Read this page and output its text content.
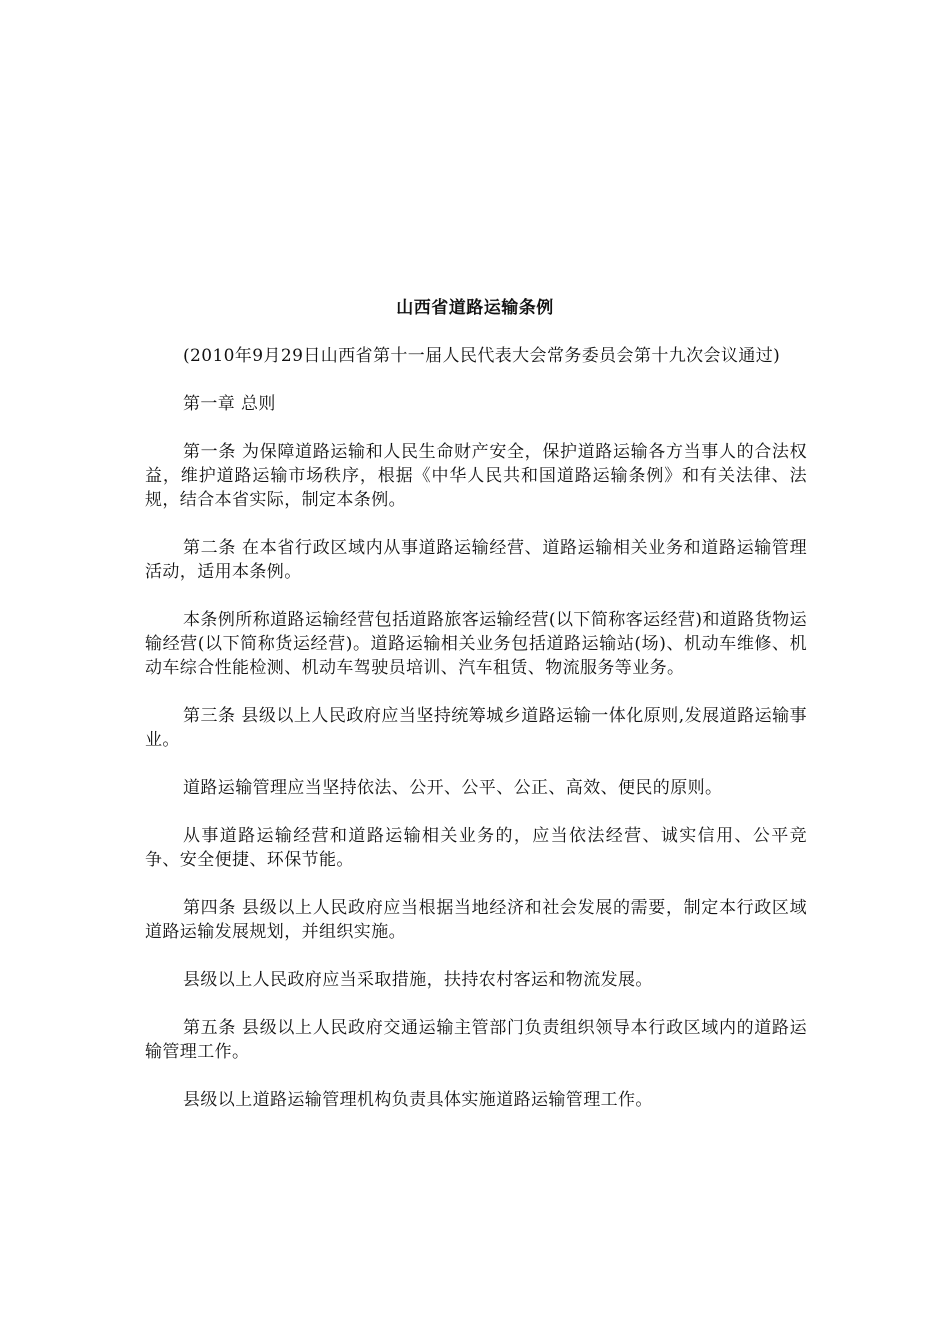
山西省道路运输条例

(2010年9月29日山西省第十一届人民代表大会常务委员会第十九次会议通过)

第一章 总则

第一条 为保障道路运输和人民生命财产安全，保护道路运输各方当事人的合法权益，维护道路运输市场秩序，根据《中华人民共和国道路运输条例》和有关法律、法规，结合本省实际，制定本条例。

第二条 在本省行政区域内从事道路运输经营、道路运输相关业务和道路运输管理活动，适用本条例。

本条例所称道路运输经营包括道路旅客运输经营(以下简称客运经营)和道路货物运输经营(以下简称货运经营)。道路运输相关业务包括道路运输站(场)、机动车维修、机动车综合性能检测、机动车驾驶员培训、汽车租赁、物流服务等业务。

第三条 县级以上人民政府应当坚持统筹城乡道路运输一体化原则,发展道路运输事业。

道路运输管理应当坚持依法、公开、公平、公正、高效、便民的原则。

从事道路运输经营和道路运输相关业务的，应当依法经营、诚实信用、公平竞争、安全便捷、环保节能。

第四条 县级以上人民政府应当根据当地经济和社会发展的需要，制定本行政区域道路运输发展规划，并组织实施。

县级以上人民政府应当采取措施，扶持农村客运和物流发展。

第五条 县级以上人民政府交通运输主管部门负责组织领导本行政区域内的道路运输管理工作。

县级以上道路运输管理机构负责具体实施道路运输管理工作。
